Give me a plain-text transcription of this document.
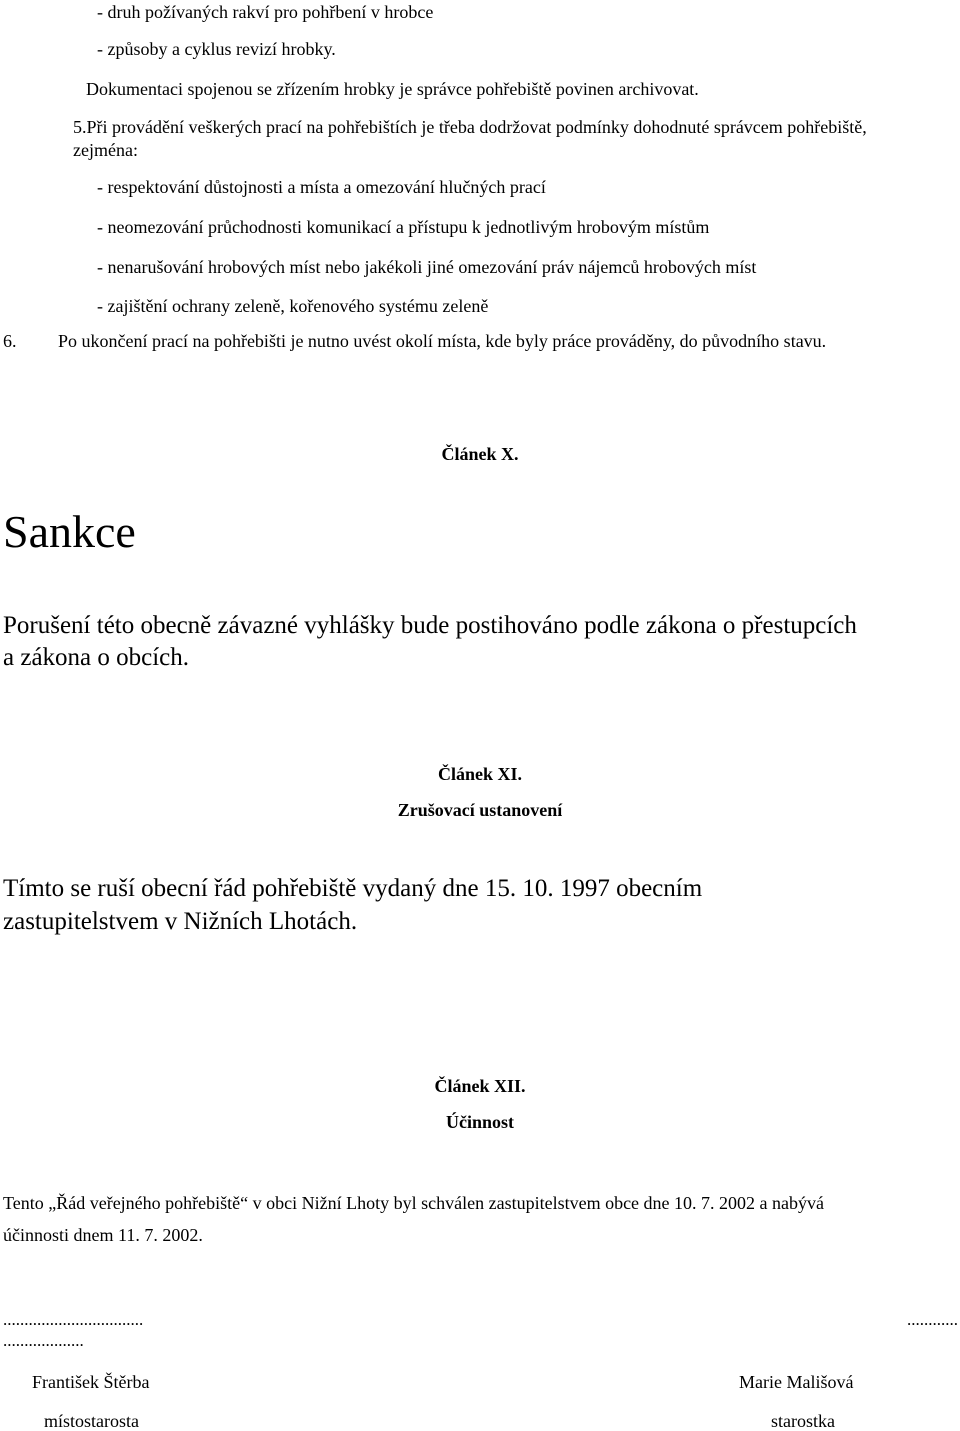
- druh požívaných rakví pro pohřbení v hrobce
- způsoby a cyklus revizí hrobky.
Dokumentaci spojenou se zřízením hrobky je správce pohřebiště povinen archivovat.
5.Při provádění veškerých prací na pohřebištích je třeba dodržovat podmínky dohodnuté správcem pohřebiště,
zejména:
- respektování důstojnosti a místa a omezování hlučných prací
- neomezování průchodnosti komunikací a přístupu k jednotlivým hrobovým místům
- nenarušování hrobových míst nebo jakékoli jiné omezování práv nájemců hrobových míst
- zajištění ochrany zeleně, kořenového systému zeleně
6. Po ukončení prací na pohřebišti je nutno uvést okolí místa, kde byly práce prováděny, do původního stavu.
Článek X.
Sankce
Porušení této obecně závazné vyhlášky bude postihováno podle zákona o přestupcích
a zákona o obcích.
Článek XI.
Zrušovací ustanovení
Tímto se ruší obecní řád pohřebiště vydaný dne 15. 10. 1997 obecním
zastupitelstvem v Nižních Lhotách.
Článek XII.
Účinnost
Tento „Řád veřejného pohřebiště“ v obci Nižní Lhoty byl schválen zastupitelstvem obce dne 10. 7. 2002 a nabývá
účinnosti dnem 11. 7. 2002.
.................................
...................
............
František Štěrba
místostarosta
Marie Mališová
starostka
